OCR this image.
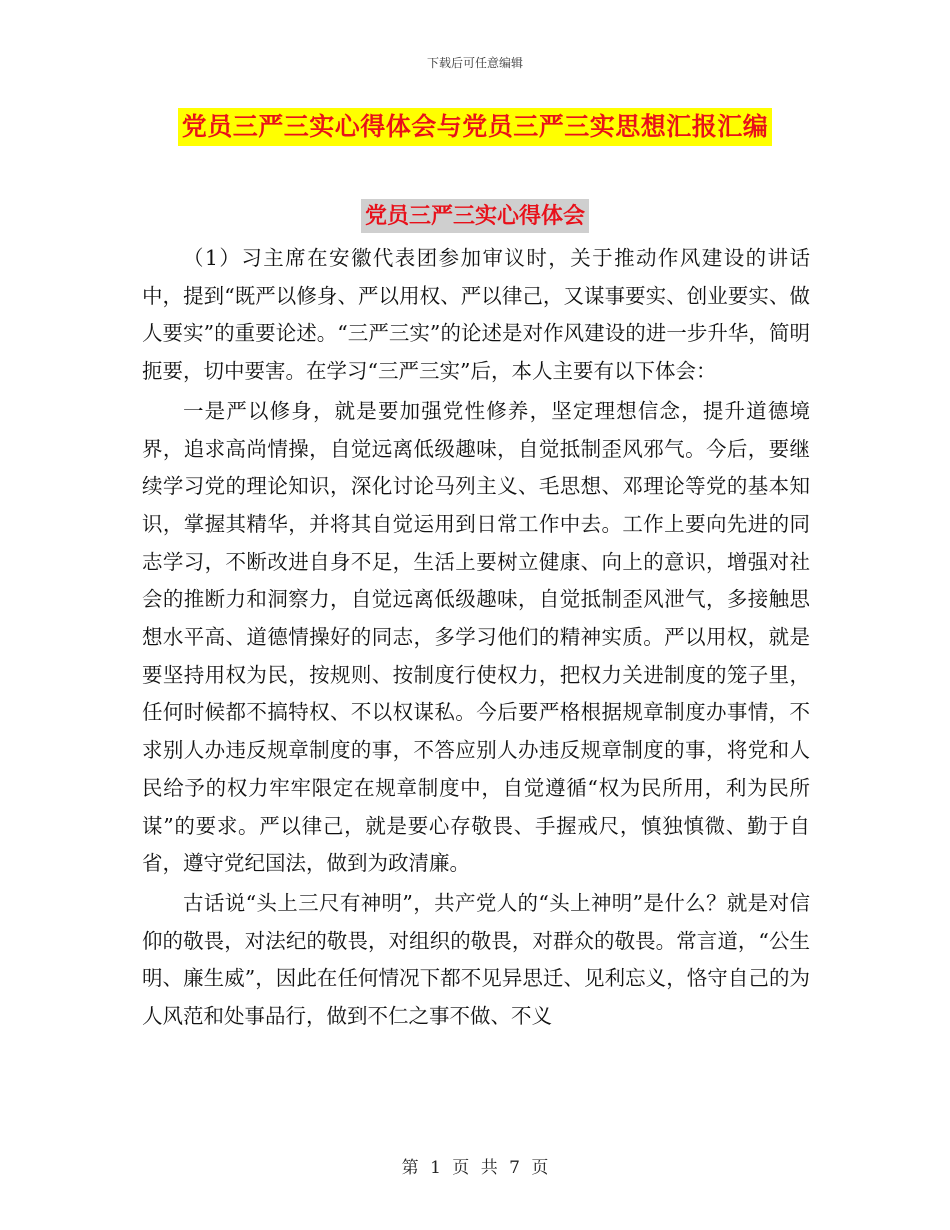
下载后可任意编辑
党员三严三实心得体会与党员三严三实思想汇报汇编
党员三严三实心得体会

（1）习主席在安徽代表团参加审议时，关于推动作风建设的讲话中，提到“既严以修身、严以用权、严以律己，又谋事要实、创业要实、做人要实”的重要论述。“三严三实”的论述是对作风建设的进一步升华，简明扼要，切中要害。在学习“三严三实”后，本人主要有以下体会：

一是严以修身，就是要加强党性修养，坚定理想信念，提升道德境界，追求高尚情操，自觉远离低级趣味，自觉抵制歪风邪气。今后，要继续学习党的理论知识，深化讨论马列主义、毛思想、邓理论等党的基本知识，掌握其精华，并将其自觉运用到日常工作中去。工作上要向先进的同志学习，不断改进自身不足，生活上要树立健康、向上的意识，增强对社会的推断力和洞察力，自觉远离低级趣味，自觉抵制歪风泄气，多接触思想水平高、道德情操好的同志，多学习他们的精神实质。严以用权，就是要坚持用权为民，按规则、按制度行使权力，把权力关进制度的笼子里，任何时候都不搞特权、不以权谋私。今后要严格根据规章制度办事情，不求别人办违反规章制度的事，不答应别人办违反规章制度的事，将党和人民给予的权力牢牢限定在规章制度中，自觉遵循“权为民所用，利为民所谋”的要求。严以律己，就是要心存敬畏、手握戒尺，慎独慎微、勤于自省，遵守党纪国法，做到为政清廉。

古话说“头上三尺有神明”，共产党人的“头上神明”是什么？就是对信仰的敬畏，对法纪的敬畏，对组织的敬畏，对群众的敬畏。常言道，“公生明、廉生威”，因此在任何情况下都不见异思迁、见利忘义，恪守自己的为人风范和处事品行，做到不仁之事不做、不义

第 1 页 共 7 页
